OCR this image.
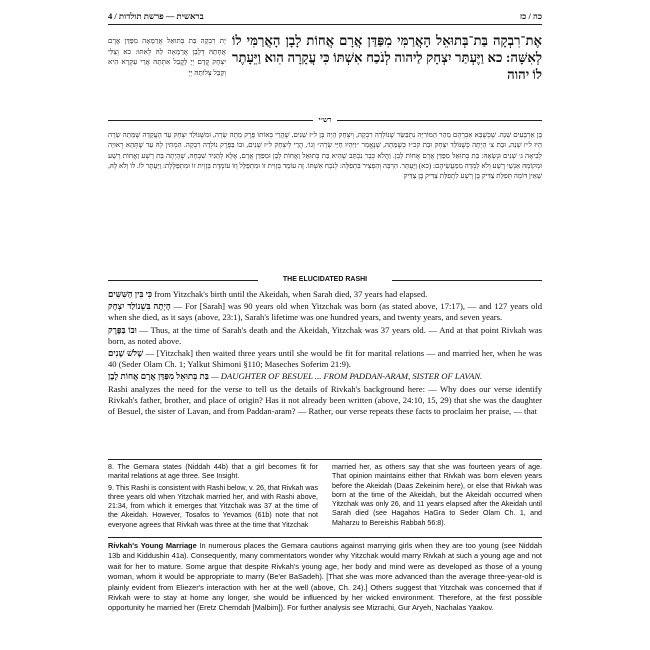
4 / בראשית — פרשת תולדות	כה / כז
יָת רִבְקָה בַּת בְּתוּאֵל אֲרַמָּאָה מִפַּדַּן אֲרָם אֲחָתֵהּ דְּלָבָן אֲרַמָּאָה לֵהּ לְאִתּוּ: כא וְצַלִּי יִצְחָק קֳדָם יְיָ לָקֳבֵל אִתְּתֵהּ אֲרֵי עַקְרָא הִיא וְקַבֵּל צְלוֹתֵהּ יְיָ
אֶת־רִבְקָה בַּת־בְּתוּאֵל הָאֲרַמִּי מִפַּדַּן אֲרָם אֲחוֹת לָבָן הָאֲרַמִּי לוֹ לְאִשָּׁה: כא וַיֶּעְתַּר יִצְחָק לַיהוה לְנֹכַח אִשְׁתּוֹ כִּי עֲקָרָה הִוא וַיֵּעָתֶר לוֹ יהוה
רש״י
בֶּן אַרְבָּעִים שָׁנָה. שֶׁכְּשֶׁבָּא אַבְרָהָם מֵהַר הַמּוֹרִיָּה נִתְבַּשֵּׂר שֶׁנּוֹלְדָה רִבְקָה, וְיִצְחָק הָיָה בֶּן ל״ז שָׁנִים, שֶׁהֲרֵי בְּאוֹתוֹ פֶּרֶק מֵתָה שָׂרָה, וּמִשֶּׁנּוֹלַד יִצְחָק עַד הָעֲקֵדָה שֶׁמֵּתָה שָׂרָה הָיוּ ל״ז שָׁנָה, וּבַת צ׳ הָיְתָה כְּשֶׁנּוֹלַד יִצְחָק וּבַת קכ״ז כְּשֶׁמֵּתָה, שֶׁנֶּאֱמַר ״וַיִּהְיוּ חַיֵּי שָׂרָה״ וְגוֹ׳, הֲרֵי לְיִצְחָק ל״ז שָׁנִים, וּבוֹ בַּפֶּרֶק נוֹלְדָה רִבְקָה. הִמְתִּין לָהּ עַד שֶׁתְּהֵא רְאוּיָה לְבִיאָה ג׳ שָׁנִים וּנְשָׂאָהּ: בַּת בְּתוּאֵל מִפַּדַּן אֲרָם אֲחוֹת לָבָן. וַהֲלֹא כְּבָר נִכְתַּב שֶׁהִיא בַּת בְּתוּאֵל וַאֲחוֹת לָבָן וּמִפַּדַּן אֲרָם, אֶלָּא לְהַגִּיד שִׁבְחָהּ, שֶׁהָיְתָה בַּת רָשָׁע וַאֲחוֹת רָשָׁע וּמְקוֹמָהּ אַנְשֵׁי רֶשַׁע וְלֹא לָמְדָה מִמַּעֲשֵׂיהֶם: (כא) וַיֶּעְתַּר. הִרְבָּה וְהִפְצִיר בִּתְפִלָּה: לְנֹכַח אִשְׁתּוֹ. זֶה עוֹמֵד בְּזָוִית זוֹ וּמִתְפַּלֵּל וְזוֹ עוֹמֶדֶת בְּזָוִית זוֹ וּמִתְפַּלֶּלֶת: וַיֵּעָתֶר לוֹ. לוֹ וְלֹא לָהּ, שֶׁאֵין דּוֹמָה תְּפִלַּת צַדִּיק בֶּן רָשָׁע לִתְפִלַּת צַדִּיק בֶּן צַדִּיק
THE ELUCIDATED RASHI

כִּי בִּין הַשִּׁשִּׁים from Yitzchak's birth until the Akeidah, when Sarah died, 37 years had elapsed.

הָיְתָה בִּשְׁנוֹלַד יִצְחָק — For [Sarah] was 90 years old when Yitzchak was born (as stated above, 17:17), — and 127 years old when she died, as it says (above, 23:1), Sarah's lifetime was one hundred years, and twenty years, and seven years.

וּבוֹ בַּפֶּרֶק — Thus, at the time of Sarah's death and the Akeidah, Yitzchak was 37 years old. — And at that point Rivkah was born, as noted above.

שָׁלֹשׁ שָׁנִים — [Yitzchak] then waited three years until she would be fit for marital relations — and married her, when he was 40 (Seder Olam Ch. 1; Yalkut Shimoni §110; Maseches Soferim 21:9).

בַּת בְּתוּאֵל מִפַּדַּן אֲרָם אֲחוֹת לָבָן — DAUGHTER OF BESUEL ... FROM PADDAN-ARAM, SISTER OF LAVAN.

Rashi analyzes the need for the verse to tell us the details of Rivkah's background here: — Why does our verse identify Rivkah's father, brother, and place of origin? Has it not already been written (above, 24:10, 15, 29) that she was the daughter of Besuel, the sister of Lavan, and from Paddan-aram? — Rather, our verse repeats these facts to proclaim her praise, — that

8. The Gemara states (Niddah 44b) that a girl becomes fit for marital relations at age three. See Insight.

9. This Rashi is consistent with Rashi below, v. 26, that Rivkah was three years old when Yitzchak married her, and with Rashi above, 21:34, from which it emerges that Yitzchak was 37 at the time of the Akeidah. However, Tosafos to Yevamos (61b) note that not everyone agrees that Rivkah was three at the time that Yitzchak

married her, as others say that she was fourteen years of age. That opinion maintains either that Rivkah was born eleven years before the Akeidah (Daas Zekeinim here), or else that Rivkah was born at the time of the Akeidah, but the Akeidah occurred when Yitzchak was only 26, and 11 years elapsed after the Akeidah until Sarah died (see Hagahos HaGra to Seder Olam Ch. 1, and Maharzu to Bereishis Rabbah 56:8).

Rivkah's Young Marriage In numerous places the Gemara cautions against marrying girls when they are too young (see Niddah 13b and Kiddushin 41a). Consequently, many commentators wonder why Yitzchak would marry Rivkah at such a young age and not wait for her to mature. Some argue that despite Rivkah's young age, her body and mind were as developed as those of a young woman, whom it would be appropriate to marry (Be'er BaSadeh). [That she was more advanced than the average three-year-old is plainly evident from Eliezer's interaction with her at the well (above, Ch. 24).] Others suggest that Yitzchak was concerned that if Rivkah were to stay at home any longer, she would be influenced by her wicked environment. Therefore, at the first possible opportunity he married her (Eretz Chemdah [Malbim]). For further analysis see Mizrachi, Gur Aryeh, Nachalas Yaakov.
